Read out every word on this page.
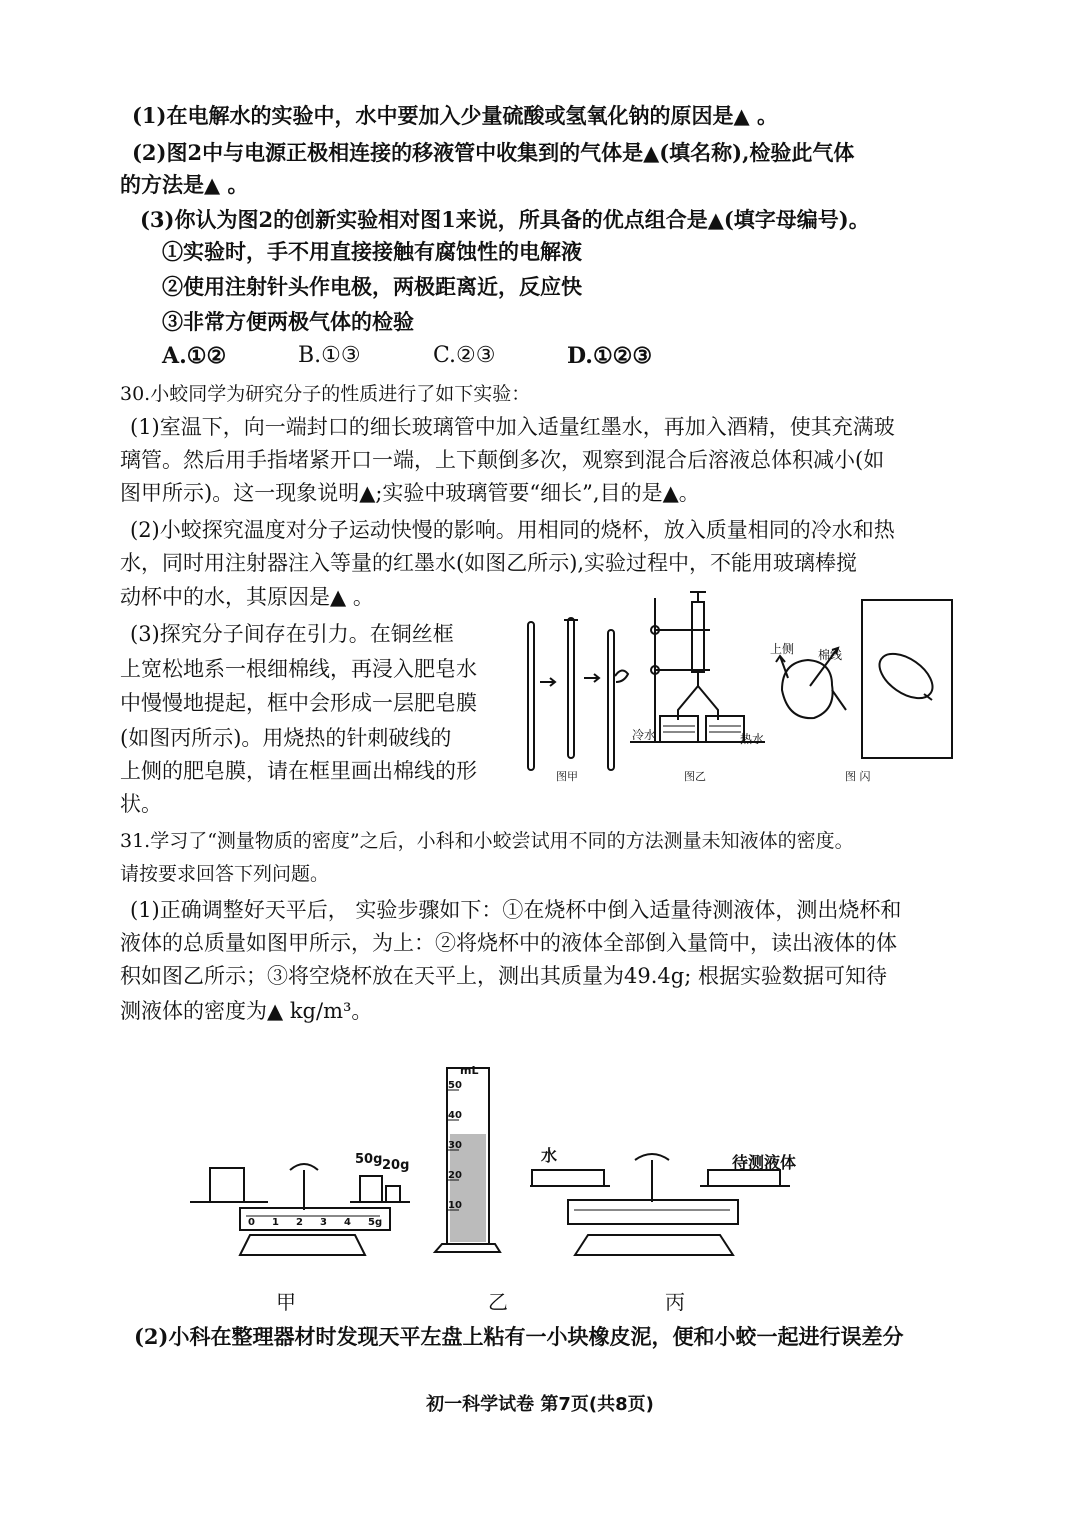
(1)在电解水的实验中，水中要加入少量硫酸或氢氧化钠的原因是▲ 。
(2)图2中与电源正极相连接的移液管中收集到的气体是▲(填名称),检验此气体
的方法是▲ 。
(3)你认为图2的创新实验相对图1来说，所具备的优点组合是▲(填字母编号)。
①实验时，手不用直接接触有腐蚀性的电解液
②使用注射针头作电极，两极距离近，反应快
③非常方便两极气体的检验
A.①②	B.①③	C.②③	D.①②③
30.小蛟同学为研究分子的性质进行了如下实验：
(1)室温下，向一端封口的细长玻璃管中加入适量红墨水，再加入酒精，使其充满玻
璃管。然后用手指堵紧开口一端，上下颠倒多次，观察到混合后溶液总体积减小(如
图甲所示)。这一现象说明▲;实验中玻璃管要“细长”,目的是▲。
(2)小蛟探究温度对分子运动快慢的影响。用相同的烧杯，放入质量相同的冷水和热
水，同时用注射器注入等量的红墨水(如图乙所示),实验过程中，不能用玻璃棒搅
动杯中的水，其原因是▲ 。
(3)探究分子间存在引力。在铜丝框
上宽松地系一根细棉线，再浸入肥皂水
中慢慢地提起，框中会形成一层肥皂膜
(如图丙所示)。用烧热的针刺破线的
上侧的肥皂膜，请在框里画出棉线的形
状。
图甲	图乙	图 闪
冷水	热水
上侧 棉线
31.学习了“测量物质的密度”之后，小科和小蛟尝试用不同的方法测量未知液体的密度。
请按要求回答下列问题。
(1)正确调整好天平后， 实验步骤如下：①在烧杯中倒入适量待测液体，测出烧杯和
液体的总质量如图甲所示，为上：②将烧杯中的液体全部倒入量筒中，读出液体的体
积如图乙所示；③将空烧杯放在天平上，测出其质量为49.4g; 根据实验数据可知待
测液体的密度为▲ kg/m³。
50g 20g
mL
50
40
30
20
10
0 1 2 3 4 5g
水	待测液体
甲	乙	丙
(2)小科在整理器材时发现天平左盘上粘有一小块橡皮泥，便和小蛟一起进行误差分
初一科学试卷 第7页(共8页)
